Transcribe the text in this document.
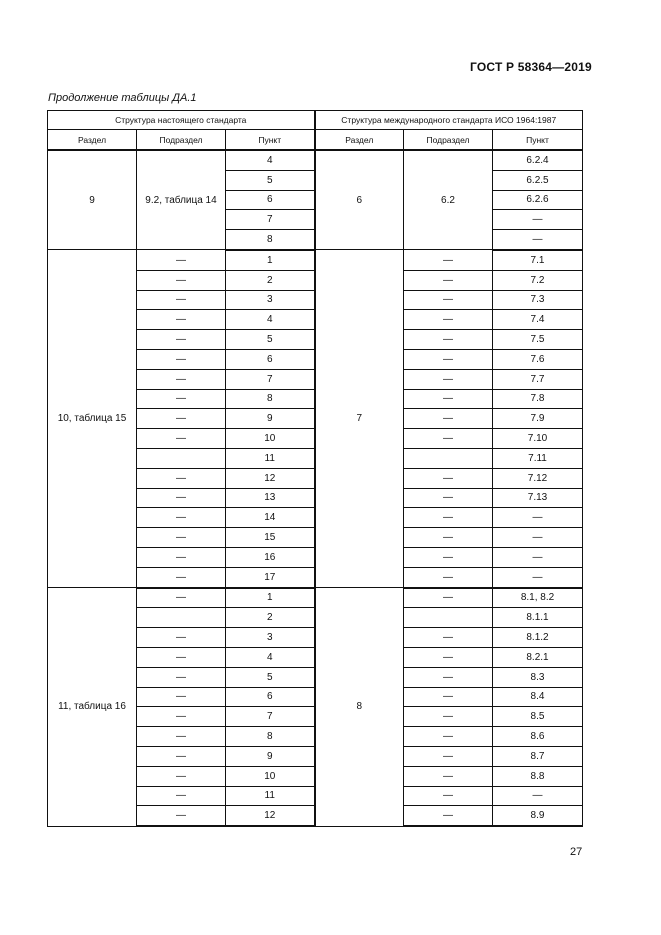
ГОСТ Р 58364—2019
Продолжение таблицы ДА.1
Структура настоящего стандарта			Структура международного стандарта ИСО 1964:1987		
Раздел	Подраздел	Пункт	Раздел	Подраздел	Пункт
9	9.2, таблица 14	4	6	6.2	6.2.4
		5			6.2.5
		6			6.2.6
		7			—
		8			—
10, таблица 15	—	1	7	—	7.1
	—	2		—	7.2
	—	3		—	7.3
	—	4		—	7.4
	—	5		—	7.5
	—	6		—	7.6
	—	7		—	7.7
	—	8		—	7.8
	—	9		—	7.9
	—	10		—	7.10
		11			7.11
	—	12		—	7.12
	—	13		—	7.13
	—	14		—	—
	—	15		—	—
	—	16		—	—
	—	17		—	—
11, таблица 16	—	1	8	—	8.1, 8.2
		2			8.1.1
	—	3		—	8.1.2
	—	4		—	8.2.1
	—	5		—	8.3
	—	6		—	8.4
	—	7		—	8.5
	—	8		—	8.6
	—	9		—	8.7
	—	10		—	8.8
	—	11		—	—
	—	12		—	8.9
27
